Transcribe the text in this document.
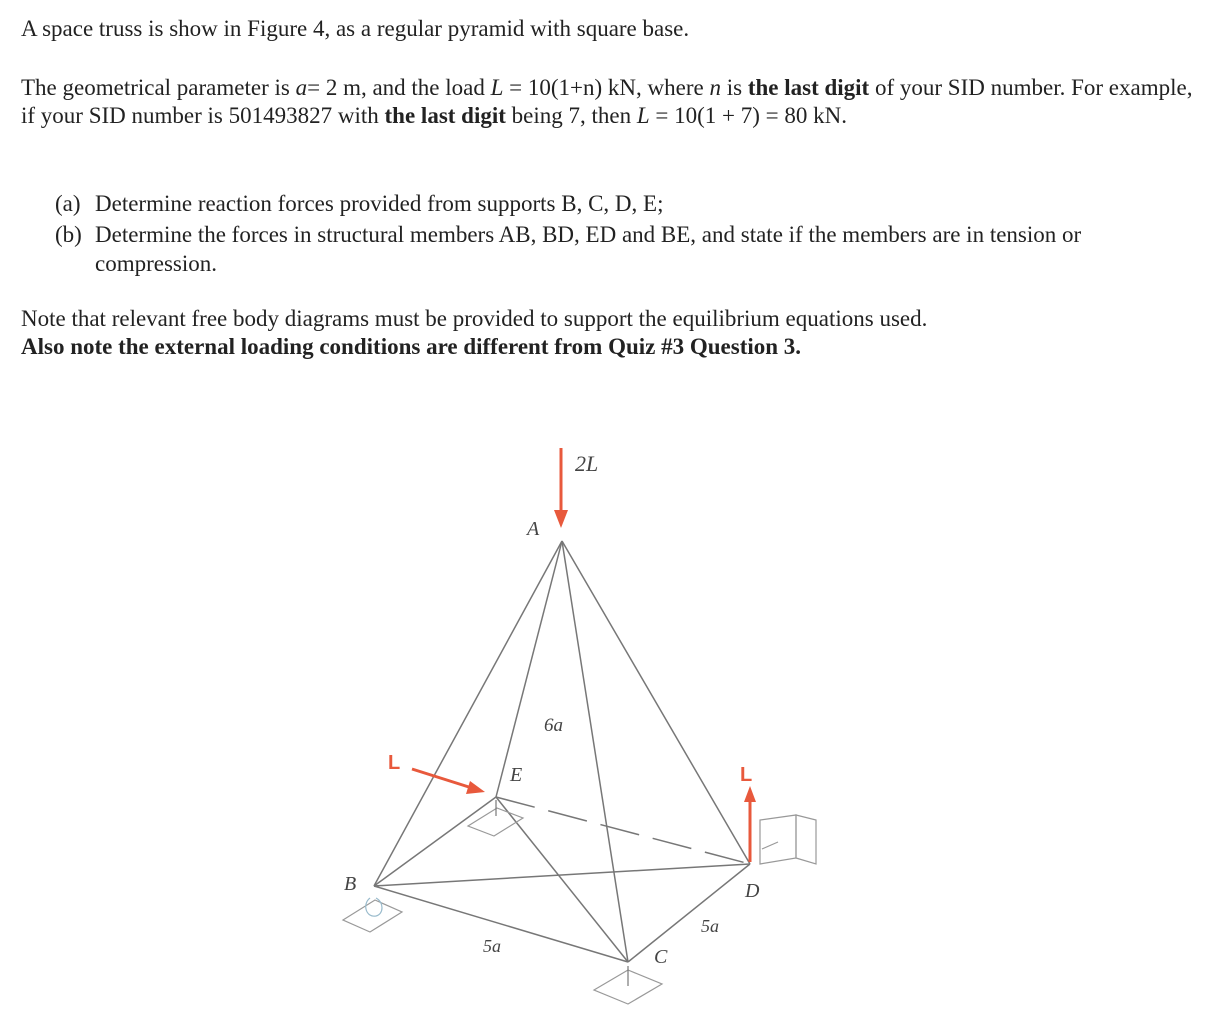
A space truss is show in Figure 4, as a regular pyramid with square base.
The geometrical parameter is a= 2 m, and the load L = 10(1+n) kN, where n is the last digit of your SID number. For example, if your SID number is 501493827 with the last digit being 7, then L = 10(1 + 7) = 80 kN.
(a) Determine reaction forces provided from supports B, C, D, E;
(b) Determine the forces in structural members AB, BD, ED and BE, and state if the members are in tension or compression.
Note that relevant free body diagrams must be provided to support the equilibrium equations used.
Also note the external loading conditions are different from Quiz #3 Question 3.
2L
A
B
C
D
E
6a
5a
5a
L
L
